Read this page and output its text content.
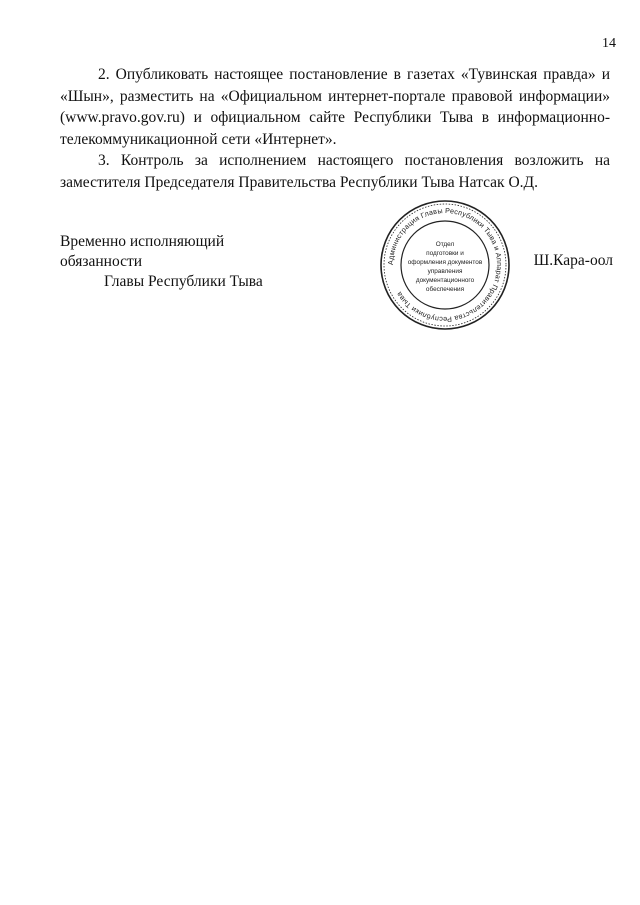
14

2. Опубликовать настоящее постановление в газетах «Тувинская правда» и «Шын», разместить на «Официальном интернет-портале правовой информации» (www.pravo.gov.ru) и официальном сайте Республики Тыва в информационно-телекоммуникационной сети «Интернет».

3. Контроль за исполнением настоящего постановления возложить на заместителя Председателя Правительства Республики Тыва Натсак О.Д.

Временно исполняющий обязанности
Главы Республики Тыва
Администрация Главы Республики Тыва и Аппарат Правительства Республики Тыва
Отдел
подготовки и
оформления документов
управления
документационного
обеспечения
Ш.Кара-оол
